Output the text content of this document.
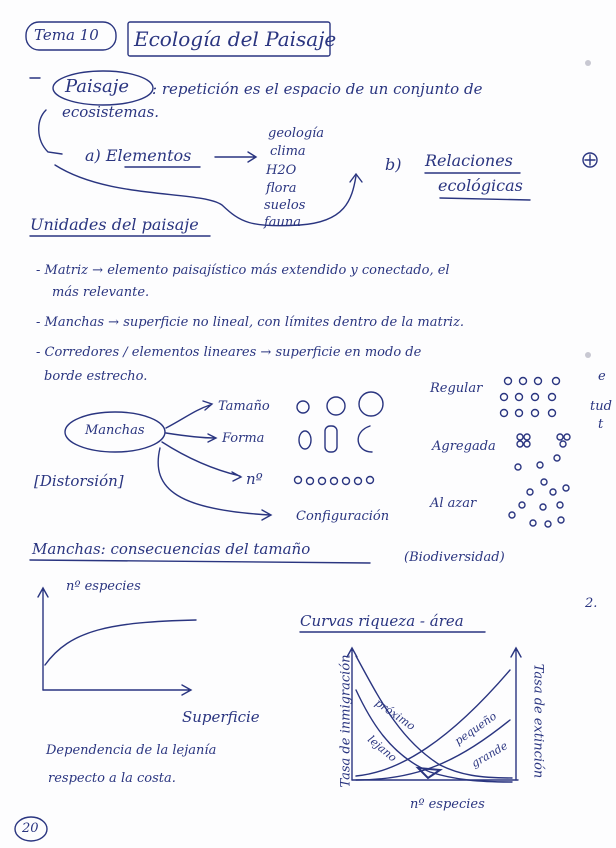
Tema 10 Ecología del Paisaje
Paisaje : repetición es el espacio de un conjunto de
ecosistemas.
a) Elementos	b) Relaciones
ecológicas
geología
clima
H2O
flora
suelos
fauna
Unidades del paisaje
- Matriz → elemento paisajístico más extendido y conectado, el
más relevante.
- Manchas → superficie no lineal, con límites dentro de la matriz.
- Corredores / elementos lineares → superficie en modo de
borde estrecho.
Manchas
[Distorsión]
Tamaño
Forma
nº
Configuración
Regular
Agregada
Al azar
Manchas: consecuencias del tamaño	(Biodiversidad)
nº especies
Superficie
Dependencia de la lejanía
respecto a la costa.
Curvas riqueza - área
Tasa de inmigración	Tasa de extinción
próximo
lejano
pequeño
grande
nº especies
e
tud
2.
t
20
